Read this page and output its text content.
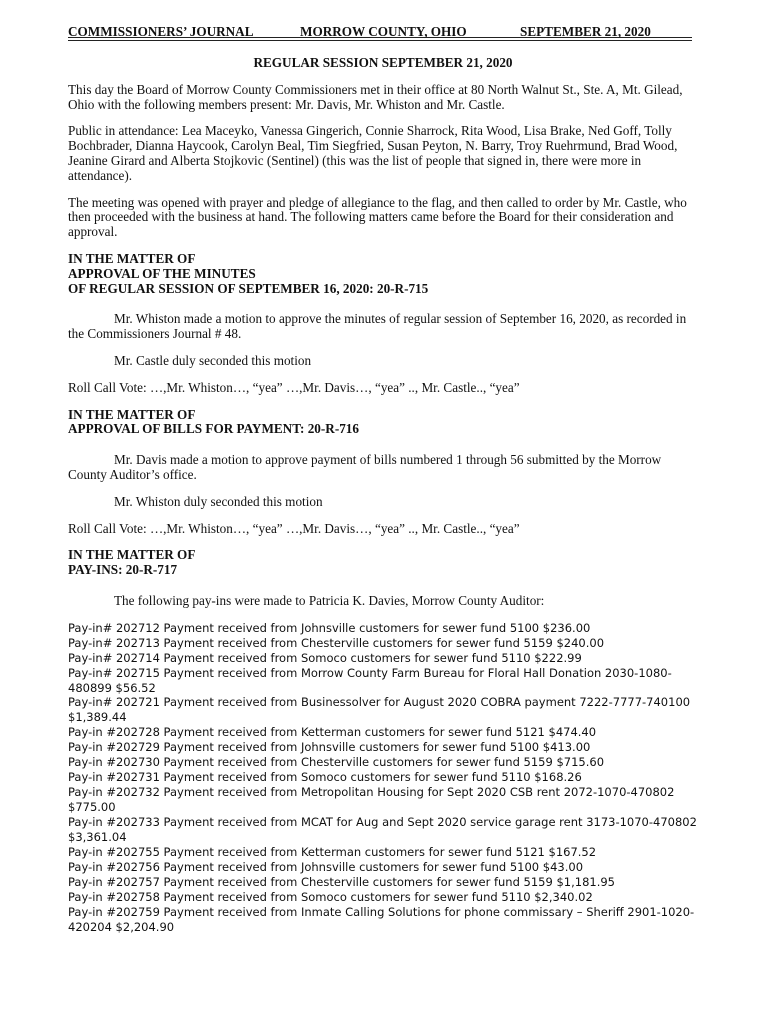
COMMISSIONERS’ JOURNAL	MORROW COUNTY, OHIO	SEPTEMBER 21, 2020
REGULAR SESSION SEPTEMBER 21, 2020

This day the Board of Morrow County Commissioners met in their office at 80 North Walnut St., Ste. A, Mt. Gilead, Ohio with the following members present: Mr. Davis, Mr. Whiston and Mr. Castle.

Public in attendance: Lea Maceyko, Vanessa Gingerich, Connie Sharrock, Rita Wood, Lisa Brake, Ned Goff, Tolly Bochbrader, Dianna Haycook, Carolyn Beal, Tim Siegfried, Susan Peyton, N. Barry, Troy Ruehrmund, Brad Wood, Jeanine Girard and Alberta Stojkovic (Sentinel) (this was the list of people that signed in, there were more in attendance).

The meeting was opened with prayer and pledge of allegiance to the flag, and then called to order by Mr. Castle, who then proceeded with the business at hand. The following matters came before the Board for their consideration and approval.

IN THE MATTER OF
APPROVAL OF THE MINUTES
OF REGULAR SESSION OF SEPTEMBER 16, 2020: 20-R-715

Mr. Whiston made a motion to approve the minutes of regular session of September 16, 2020, as recorded in the Commissioners Journal # 48.

Mr. Castle duly seconded this motion

Roll Call Vote: …,Mr. Whiston…, “yea” …,Mr. Davis…, “yea” .., Mr. Castle.., “yea”

IN THE MATTER OF
APPROVAL OF BILLS FOR PAYMENT: 20-R-716

Mr. Davis made a motion to approve payment of bills numbered 1 through 56 submitted by the Morrow County Auditor’s office.

Mr. Whiston duly seconded this motion

Roll Call Vote: …,Mr. Whiston…, “yea” …,Mr. Davis…, “yea” .., Mr. Castle.., “yea”

IN THE MATTER OF
PAY-INS: 20-R-717

The following pay-ins were made to Patricia K. Davies, Morrow County Auditor:

Pay-in# 202712 Payment received from Johnsville customers for sewer fund 5100 $236.00
Pay-in# 202713 Payment received from Chesterville customers for sewer fund 5159 $240.00
Pay-in# 202714 Payment received from Somoco customers for sewer fund 5110 $222.99
Pay-in# 202715 Payment received from Morrow County Farm Bureau for Floral Hall Donation 2030-1080-480899 $56.52
Pay-in# 202721 Payment received from Businessolver for August 2020 COBRA payment 7222-7777-740100 $1,389.44
Pay-in #202728 Payment received from Ketterman customers for sewer fund 5121 $474.40
Pay-in #202729 Payment received from Johnsville customers for sewer fund 5100 $413.00
Pay-in #202730 Payment received from Chesterville customers for sewer fund 5159 $715.60
Pay-in #202731 Payment received from Somoco customers for sewer fund 5110 $168.26
Pay-in #202732 Payment received from Metropolitan Housing for Sept 2020 CSB rent 2072-1070-470802 $775.00
Pay-in #202733 Payment received from MCAT for Aug and Sept 2020 service garage rent 3173-1070-470802
$3,361.04
Pay-in #202755 Payment received from Ketterman customers for sewer fund 5121 $167.52
Pay-in #202756 Payment received from Johnsville customers for sewer fund 5100 $43.00
Pay-in #202757 Payment received from Chesterville customers for sewer fund 5159 $1,181.95
Pay-in #202758 Payment received from Somoco customers for sewer fund 5110 $2,340.02
Pay-in #202759 Payment received from Inmate Calling Solutions for phone commissary – Sheriff 2901-1020-420204 $2,204.90
